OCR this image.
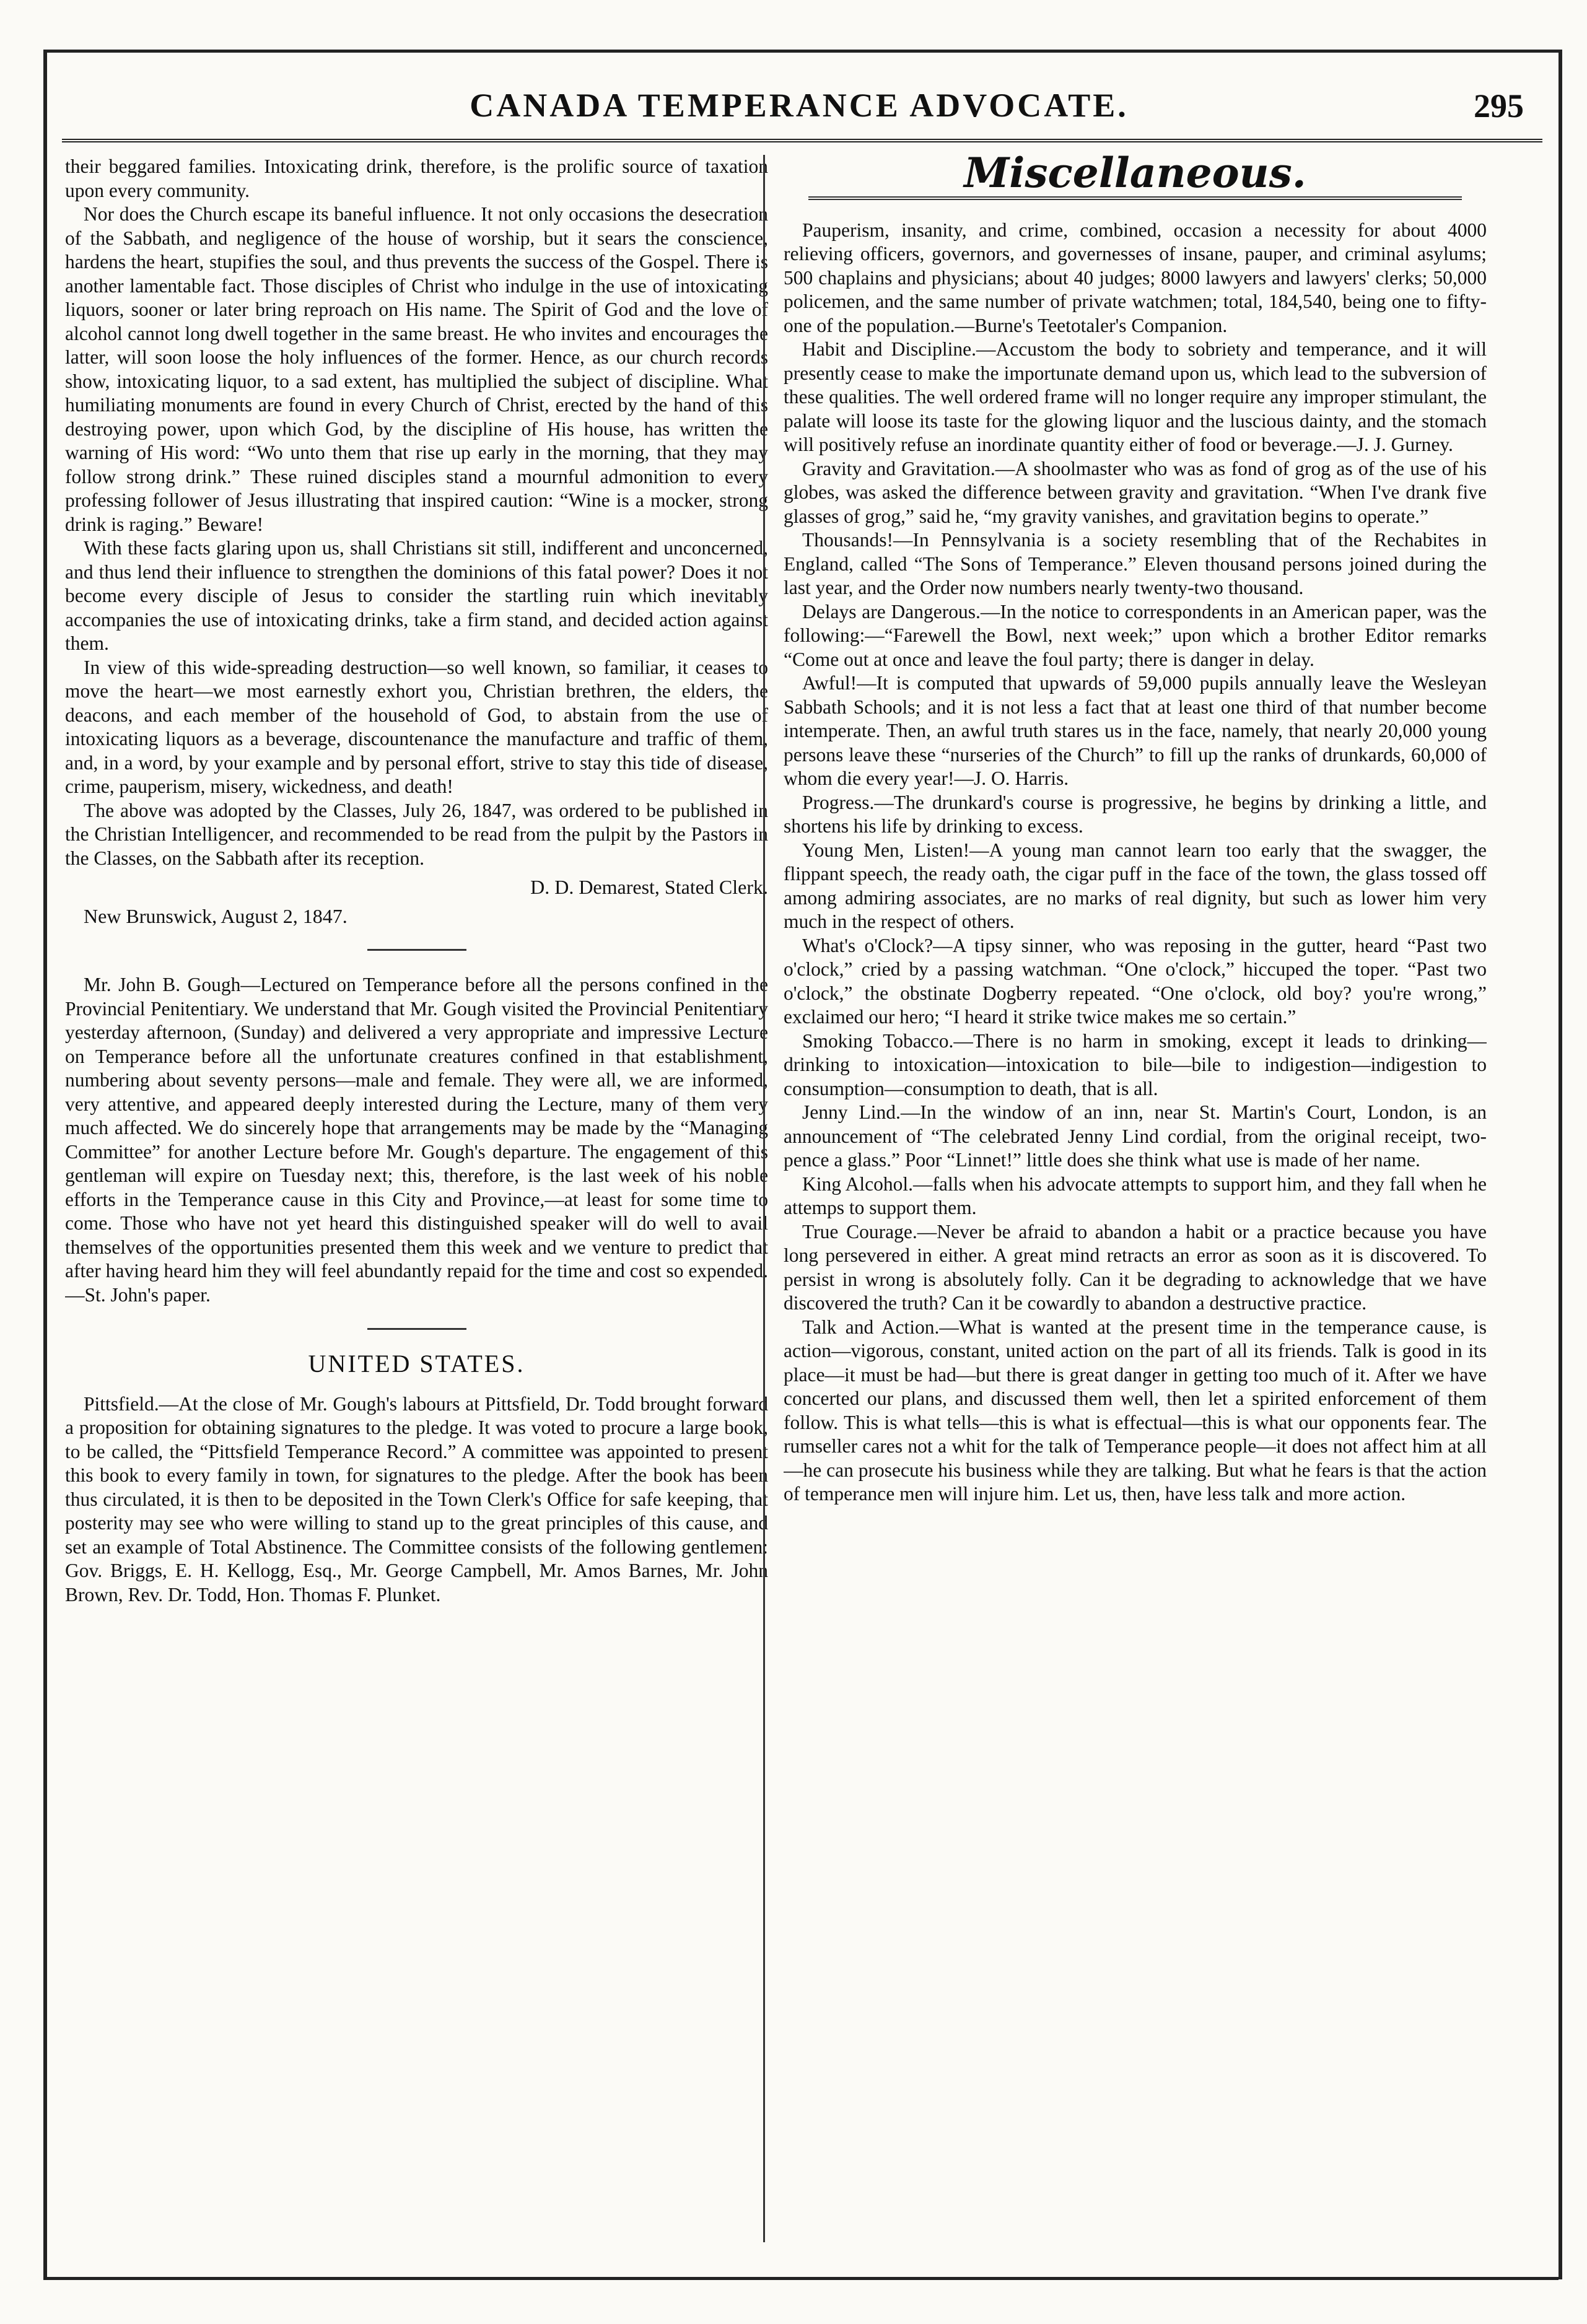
CANADA TEMPERANCE ADVOCATE.	295

their beggared families. Intoxicating drink, therefore, is the prolific source of taxation upon every community.

Nor does the Church escape its baneful influence. It not only occasions the desecration of the Sabbath, and negligence of the house of worship, but it sears the conscience, hardens the heart, stupifies the soul, and thus prevents the success of the Gospel. There is another lamentable fact. Those disciples of Christ who indulge in the use of intoxicating liquors, sooner or later bring reproach on His name. The Spirit of God and the love of alcohol cannot long dwell together in the same breast. He who invites and encourages the latter, will soon loose the holy influences of the former. Hence, as our church records show, intoxicating liquor, to a sad extent, has multiplied the subject of discipline. What humiliating monuments are found in every Church of Christ, erected by the hand of this destroying power, upon which God, by the discipline of His house, has written the warning of His word: “Wo unto them that rise up early in the morning, that they may follow strong drink.” These ruined disciples stand a mournful admonition to every professing follower of Jesus illustrating that inspired caution: “Wine is a mocker, strong drink is raging.” Beware!

With these facts glaring upon us, shall Christians sit still, indifferent and unconcerned, and thus lend their influence to strengthen the dominions of this fatal power? Does it not become every disciple of Jesus to consider the startling ruin which inevitably accompanies the use of intoxicating drinks, take a firm stand, and decided action against them.

In view of this wide-spreading destruction—so well known, so familiar, it ceases to move the heart—we most earnestly exhort you, Christian brethren, the elders, the deacons, and each member of the household of God, to abstain from the use of intoxicating liquors as a beverage, discountenance the manufacture and traffic of them, and, in a word, by your example and by personal effort, strive to stay this tide of disease, crime, pauperism, misery, wickedness, and death!

The above was adopted by the Classes, July 26, 1847, was ordered to be published in the Christian Intelligencer, and recommended to be read from the pulpit by the Pastors in the Classes, on the Sabbath after its reception.

D. D. Demarest, Stated Clerk.
New Brunswick, August 2, 1847.

Mr. John B. Gough—Lectured on Temperance before all the persons confined in the Provincial Penitentiary. We understand that Mr. Gough visited the Provincial Penitentiary yesterday afternoon, (Sunday) and delivered a very appropriate and impressive Lecture on Temperance before all the unfortunate creatures confined in that establishment, numbering about seventy persons—male and female. They were all, we are informed, very attentive, and appeared deeply interested during the Lecture, many of them very much affected. We do sincerely hope that arrangements may be made by the “Managing Committee” for another Lecture before Mr. Gough's departure. The engagement of this gentleman will expire on Tuesday next; this, therefore, is the last week of his noble efforts in the Temperance cause in this City and Province,—at least for some time to come. Those who have not yet heard this distinguished speaker will do well to avail themselves of the opportunities presented them this week and we venture to predict that after having heard him they will feel abundantly repaid for the time and cost so expended.—St. John's paper.

UNITED STATES.

Pittsfield.—At the close of Mr. Gough's labours at Pittsfield, Dr. Todd brought forward a proposition for obtaining signatures to the pledge. It was voted to procure a large book, to be called, the “Pittsfield Temperance Record.” A committee was appointed to present this book to every family in town, for signatures to the pledge. After the book has been thus circulated, it is then to be deposited in the Town Clerk's Office for safe keeping, that posterity may see who were willing to stand up to the great principles of this cause, and set an example of Total Abstinence. The Committee consists of the following gentlemen: Gov. Briggs, E. H. Kellogg, Esq., Mr. George Campbell, Mr. Amos Barnes, Mr. John Brown, Rev. Dr. Todd, Hon. Thomas F. Plunket.

Miscellaneous.

Pauperism, insanity, and crime, combined, occasion a necessity for about 4000 relieving officers, governors, and governesses of insane, pauper, and criminal asylums; 500 chaplains and physicians; about 40 judges; 8000 lawyers and lawyers' clerks; 50,000 policemen, and the same number of private watchmen; total, 184,540, being one to fifty-one of the population.—Burne's Teetotaler's Companion.

Habit and Discipline.—Accustom the body to sobriety and temperance, and it will presently cease to make the importunate demand upon us, which lead to the subversion of these qualities. The well ordered frame will no longer require any improper stimulant, the palate will loose its taste for the glowing liquor and the luscious dainty, and the stomach will positively refuse an inordinate quantity either of food or beverage.—J. J. Gurney.

Gravity and Gravitation.—A shoolmaster who was as fond of grog as of the use of his globes, was asked the difference between gravity and gravitation. “When I've drank five glasses of grog,” said he, “my gravity vanishes, and gravitation begins to operate.”

Thousands!—In Pennsylvania is a society resembling that of the Rechabites in England, called “The Sons of Temperance.” Eleven thousand persons joined during the last year, and the Order now numbers nearly twenty-two thousand.

Delays are Dangerous.—In the notice to correspondents in an American paper, was the following:—“Farewell the Bowl, next week;” upon which a brother Editor remarks “Come out at once and leave the foul party; there is danger in delay.

Awful!—It is computed that upwards of 59,000 pupils annually leave the Wesleyan Sabbath Schools; and it is not less a fact that at least one third of that number become intemperate. Then, an awful truth stares us in the face, namely, that nearly 20,000 young persons leave these “nurseries of the Church” to fill up the ranks of drunkards, 60,000 of whom die every year!—J. O. Harris.

Progress.—The drunkard's course is progressive, he begins by drinking a little, and shortens his life by drinking to excess.

Young Men, Listen!—A young man cannot learn too early that the swagger, the flippant speech, the ready oath, the cigar puff in the face of the town, the glass tossed off among admiring associates, are no marks of real dignity, but such as lower him very much in the respect of others.

What's o'Clock?—A tipsy sinner, who was reposing in the gutter, heard “Past two o'clock,” cried by a passing watchman. “One o'clock,” hiccuped the toper. “Past two o'clock,” the obstinate Dogberry repeated. “One o'clock, old boy? you're wrong,” exclaimed our hero; “I heard it strike twice makes me so certain.”

Smoking Tobacco.—There is no harm in smoking, except it leads to drinking—drinking to intoxication—intoxication to bile—bile to indigestion—indigestion to consumption—consumption to death, that is all.

Jenny Lind.—In the window of an inn, near St. Martin's Court, London, is an announcement of “The celebrated Jenny Lind cordial, from the original receipt, two-pence a glass.” Poor “Linnet!” little does she think what use is made of her name.

King Alcohol.—falls when his advocate attempts to support him, and they fall when he attemps to support them.

True Courage.—Never be afraid to abandon a habit or a practice because you have long persevered in either. A great mind retracts an error as soon as it is discovered. To persist in wrong is absolutely folly. Can it be degrading to acknowledge that we have discovered the truth? Can it be cowardly to abandon a destructive practice.

Talk and Action.—What is wanted at the present time in the temperance cause, is action—vigorous, constant, united action on the part of all its friends. Talk is good in its place—it must be had—but there is great danger in getting too much of it. After we have concerted our plans, and discussed them well, then let a spirited enforcement of them follow. This is what tells—this is what is effectual—this is what our opponents fear. The rumseller cares not a whit for the talk of Temperance people—it does not affect him at all—he can prosecute his business while they are talking. But what he fears is that the action of temperance men will injure him. Let us, then, have less talk and more action.
